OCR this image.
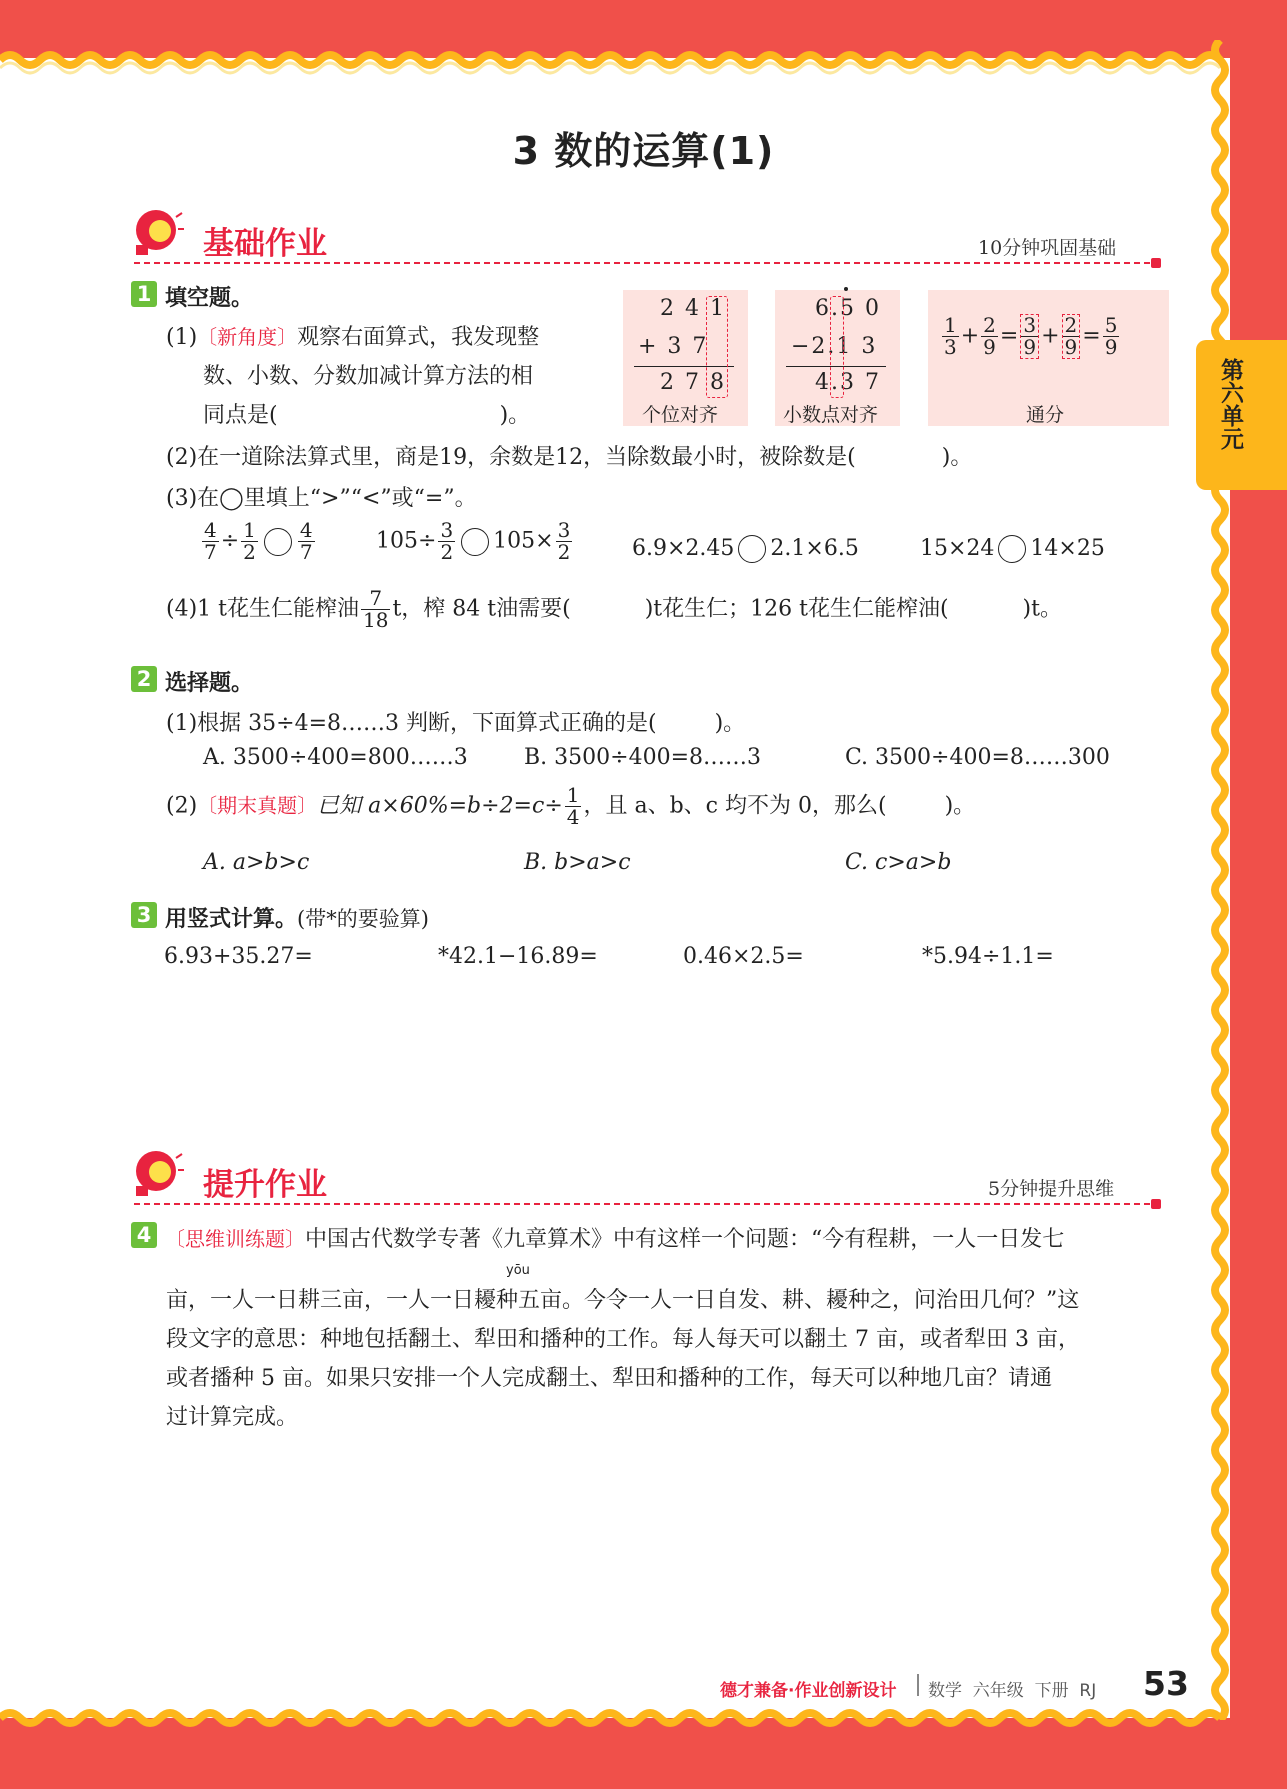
第六单元
3 数的运算(1)
基础作业	10分钟巩固基础
1 填空题。
(1)〔新角度〕观察右面算式，我发现整
数、小数、分数加减计算方法的相
同点是(	)。
2 4 1
+ 3 7
2 7 8
个位对齐
6.5 0
−2.1 3
4.3 7
小数点对齐
$\frac{1}{3} + \frac{2}{9} = \frac{3}{9} + \frac{2}{9} = \frac{5}{9}$
通分
(2)在一道除法算式里，商是19，余数是12，当除数最小时，被除数是(	)。
(3)在◯里填上“>”“<”或“=”。
$\frac{4}{7} \div \frac{1}{2} \frac{4}{7}$	$105\div \frac{3}{2} 105\times \frac{3}{2}$	6.9×2.45 2.1×6.5	15×24 14×25
(4)1 t花生仁能榨油 $\frac{7}{18}$ t，榨 84 t油需要(	)t花生仁；126 t花生仁能榨油(	)t。
2 选择题。
(1)根据 35÷4=8……3 判断，下面算式正确的是(	)。
A. 3500÷400=800……3	B. 3500÷400=8……3	C. 3500÷400=8……300
(2)〔期末真题〕已知 $a\times 60\%=b\div 2=c\div \frac{1}{4}$ ，且 a、b、c 均不为 0，那么(	)。
A. a>b>c	B. b>a>c	C. c>a>b
3 用竖式计算。(带*的要验算)
6.93+35.27=	*42.1−16.89=	0.46×2.5=	*5.94÷1.1=
提升作业	5分钟提升思维
4 〔思维训练题〕中国古代数学专著《九章算术》中有这样一个问题：“今有程耕，一人一日发七
yōu
亩，一人一日耕三亩，一人一日耰种五亩。今令一人一日自发、耕、耰种之，问治田几何？”这
段文字的意思：种地包括翻土、犁田和播种的工作。每人每天可以翻土 7 亩，或者犁田 3 亩，
或者播种 5 亩。如果只安排一个人完成翻土、犁田和播种的工作，每天可以种地几亩？请通
过计算完成。
德才兼备·作业创新设计 数学  六年级  下册  RJ 53
